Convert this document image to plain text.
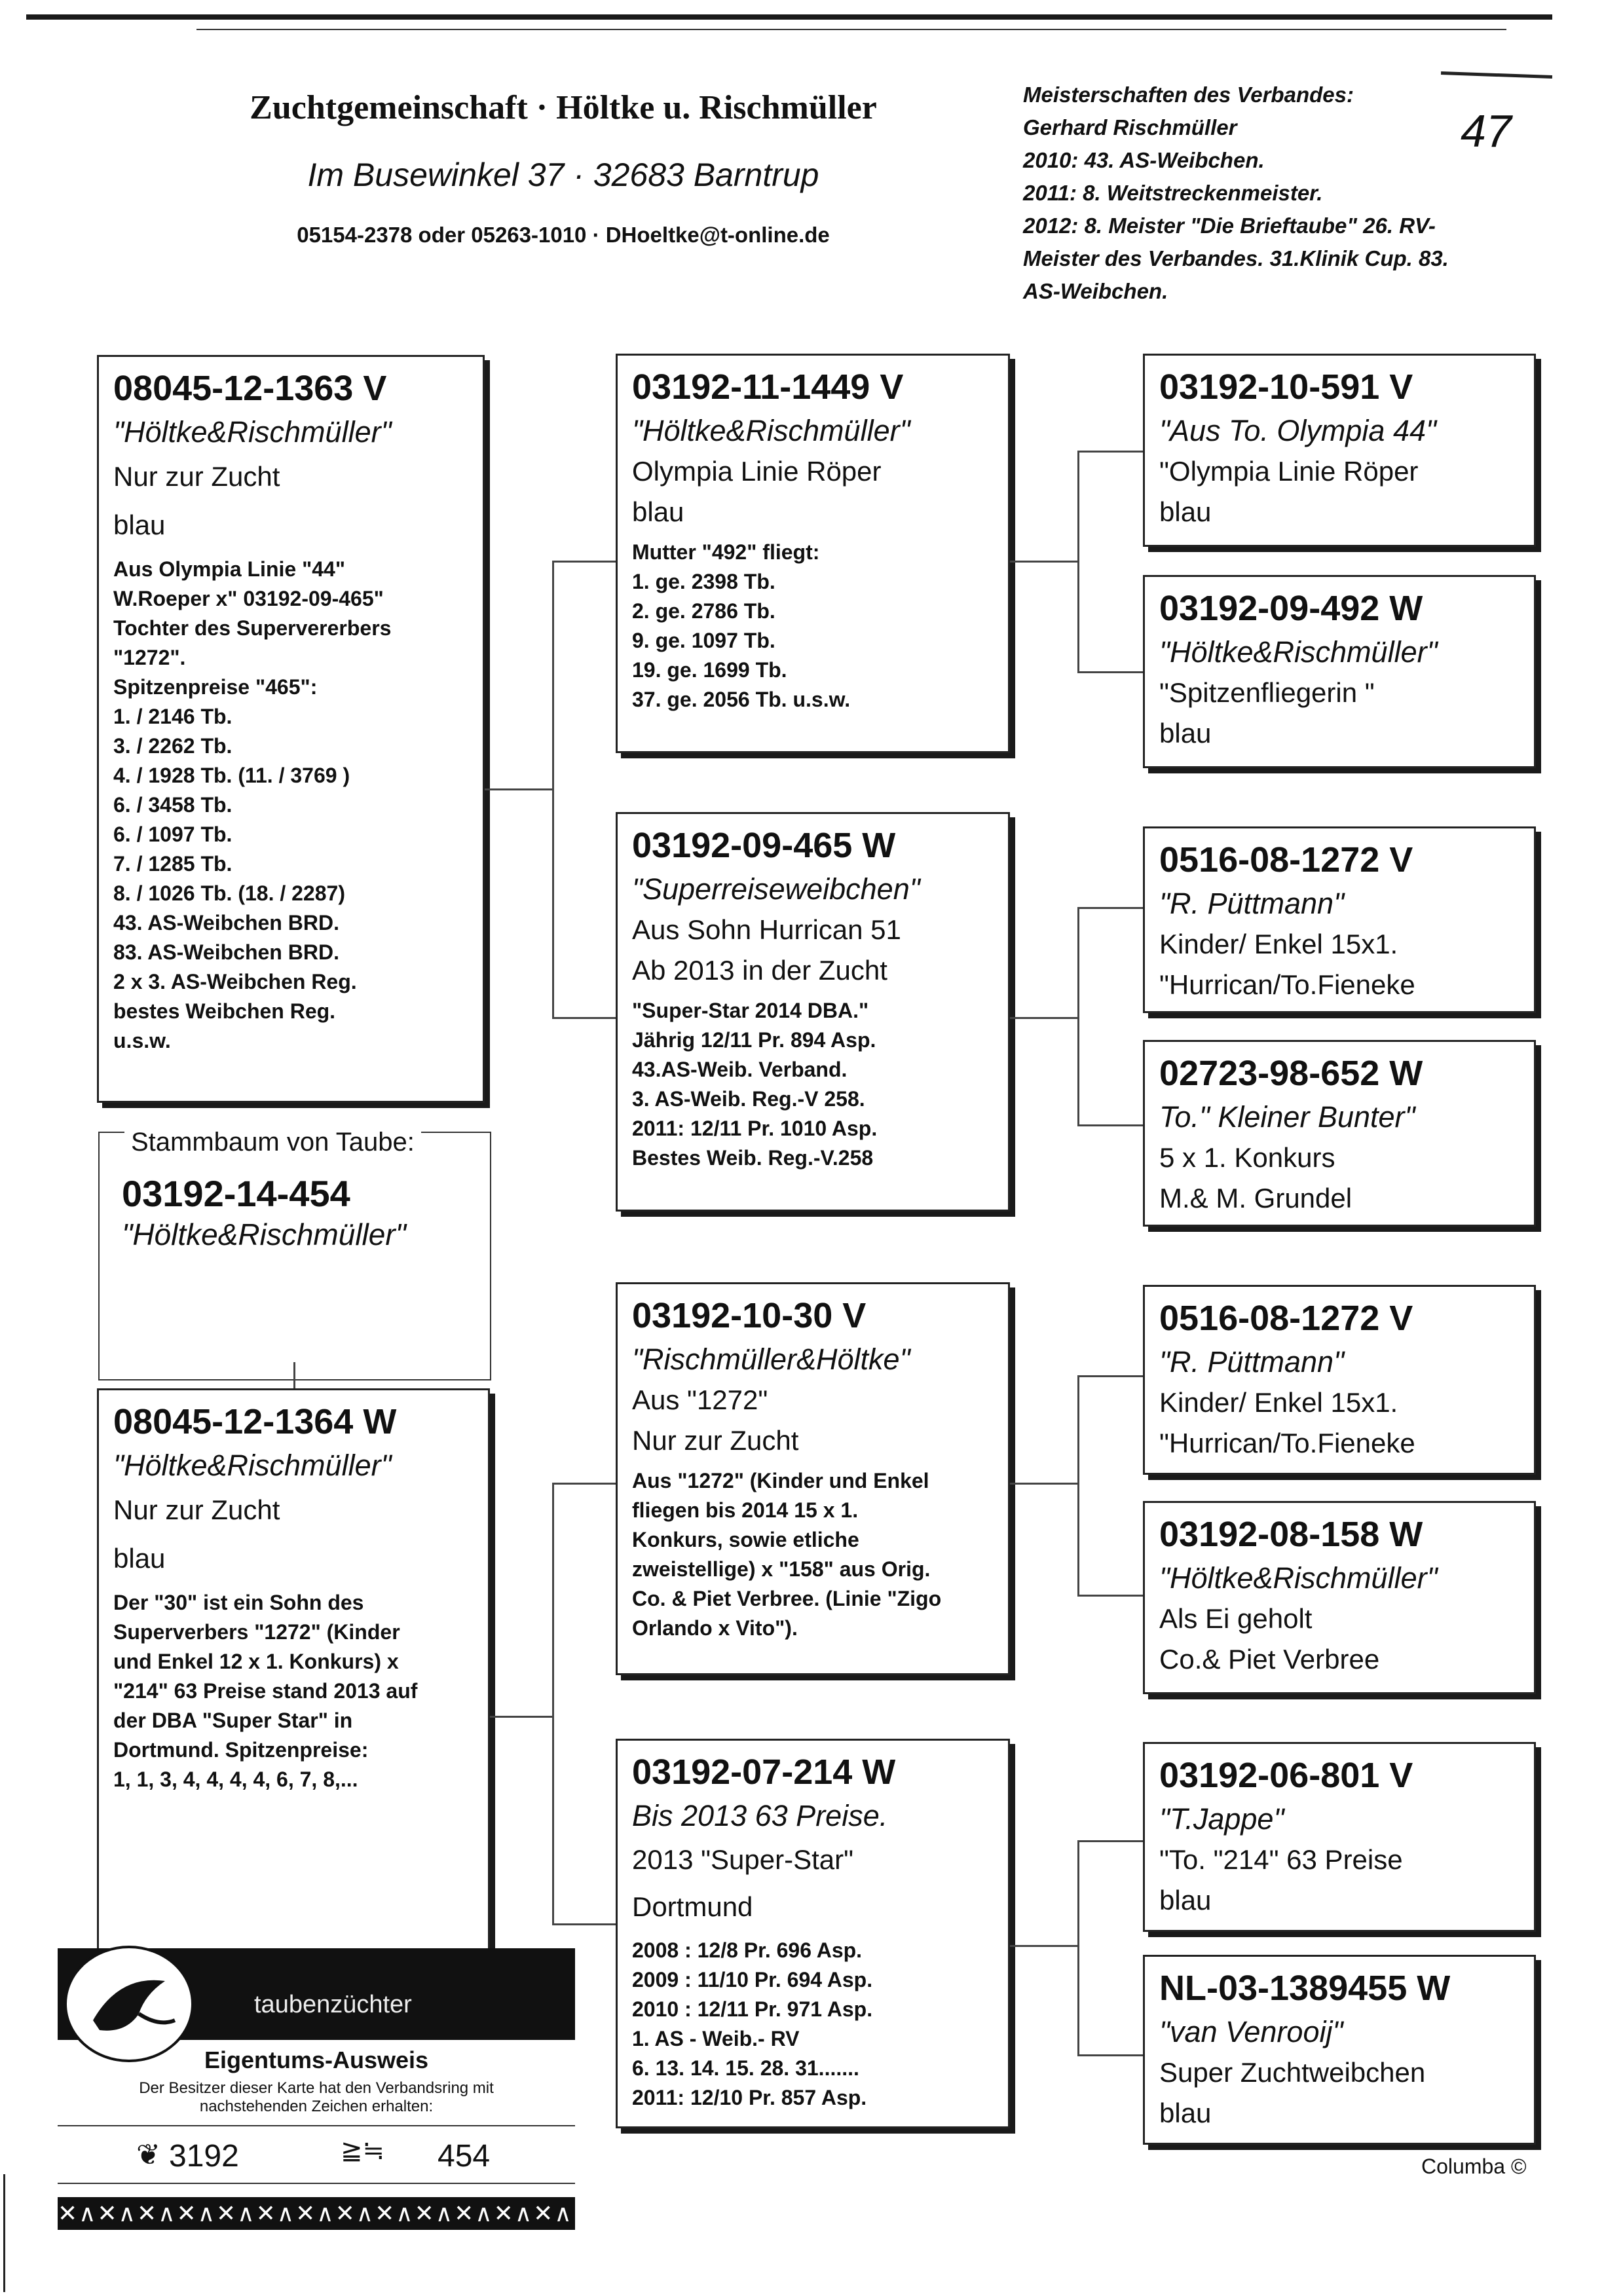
Zuchtgemeinschaft · Höltke u. Rischmüller
Im Busewinkel 37 · 32683 Barntrup
05154-2378 oder 05263-1010 · DHoeltke@t-online.de
Meisterschaften des Verbandes:
Gerhard Rischmüller
2010: 43. AS-Weibchen.
2011: 8. Weitstreckenmeister.
2012: 8. Meister "Die Brieftaube" 26. RV-
Meister des Verbandes. 31.Klinik Cup. 83.
AS-Weibchen.
47
08045-12-1363 V
"Höltke&Rischmüller"
Nur zur Zucht
blau
Aus Olympia Linie "44"
W.Roeper x" 03192-09-465"
Tochter des Supervererbers
"1272".
Spitzenpreise "465":
1. / 2146 Tb.
3. / 2262 Tb.
4. / 1928 Tb. (11. / 3769 )
6. / 3458 Tb.
6. / 1097 Tb.
7. / 1285 Tb.
8. / 1026 Tb. (18. / 2287)
43. AS-Weibchen BRD.
83. AS-Weibchen BRD.
2 x 3. AS-Weibchen Reg.
bestes Weibchen Reg.
u.s.w.
Stammbaum von Taube:
03192-14-454
"Höltke&Rischmüller"
08045-12-1364 W
"Höltke&Rischmüller"
Nur zur Zucht
blau
Der "30" ist ein Sohn des
Superverbers "1272" (Kinder
und Enkel 12 x 1. Konkurs) x
"214" 63 Preise stand 2013 auf
der DBA "Super Star" in
Dortmund. Spitzenpreise:
1, 1, 3, 4, 4, 4, 4, 6, 7, 8,...
03192-11-1449 V
"Höltke&Rischmüller"
Olympia Linie Röper
blau
Mutter "492" fliegt:
1. ge. 2398 Tb.
2. ge. 2786 Tb.
9. ge. 1097 Tb.
19. ge. 1699 Tb.
37. ge. 2056 Tb. u.s.w.
03192-09-465 W
"Superreiseweibchen"
Aus Sohn Hurrican 51
Ab 2013 in der Zucht
"Super-Star 2014 DBA."
Jährig 12/11 Pr. 894 Asp.
43.AS-Weib. Verband.
3. AS-Weib. Reg.-V 258.
2011: 12/11 Pr. 1010 Asp.
Bestes Weib. Reg.-V.258
03192-10-30 V
"Rischmüller&Höltke"
Aus "1272"
Nur zur Zucht
Aus "1272" (Kinder und Enkel
fliegen bis 2014 15 x 1.
Konkurs, sowie etliche
zweistellige) x "158" aus Orig.
Co. & Piet Verbree. (Linie "Zigo
Orlando x Vito").
03192-07-214 W
Bis 2013 63 Preise.
2013 "Super-Star"
Dortmund
2008 : 12/8 Pr. 696 Asp.
2009 : 11/10 Pr. 694 Asp.
2010 : 12/11 Pr. 971 Asp.
1. AS - Weib.- RV
6. 13. 14. 15. 28. 31.......
2011: 12/10 Pr. 857 Asp.
03192-10-591 V
"Aus To. Olympia 44"
"Olympia Linie Röper
blau
03192-09-492 W
"Höltke&Rischmüller"
"Spitzenfliegerin "
blau
0516-08-1272 V
"R. Püttmann"
Kinder/ Enkel 15x1.
"Hurrican/To.Fieneke
02723-98-652 W
To." Kleiner Bunter"
5 x 1. Konkurs
M.& M. Grundel
0516-08-1272 V
"R. Püttmann"
Kinder/ Enkel 15x1.
"Hurrican/To.Fieneke
03192-08-158 W
"Höltke&Rischmüller"
Als Ei geholt
Co.& Piet Verbree
03192-06-801 V
"T.Jappe"
"To. "214" 63 Preise
blau
NL-03-1389455 W
"van Venrooij"
Super Zuchtweibchen
blau
taubenzüchter
Eigentums-Ausweis
Der Besitzer dieser Karte hat den Verbandsring mit nachstehenden Zeichen erhalten:
❦ 3192	≧≒ 454
✕∧✕∧✕∧✕∧✕∧✕∧✕∧✕∧✕∧✕∧✕∧✕∧✕∧✕∧✕
Columba ©
